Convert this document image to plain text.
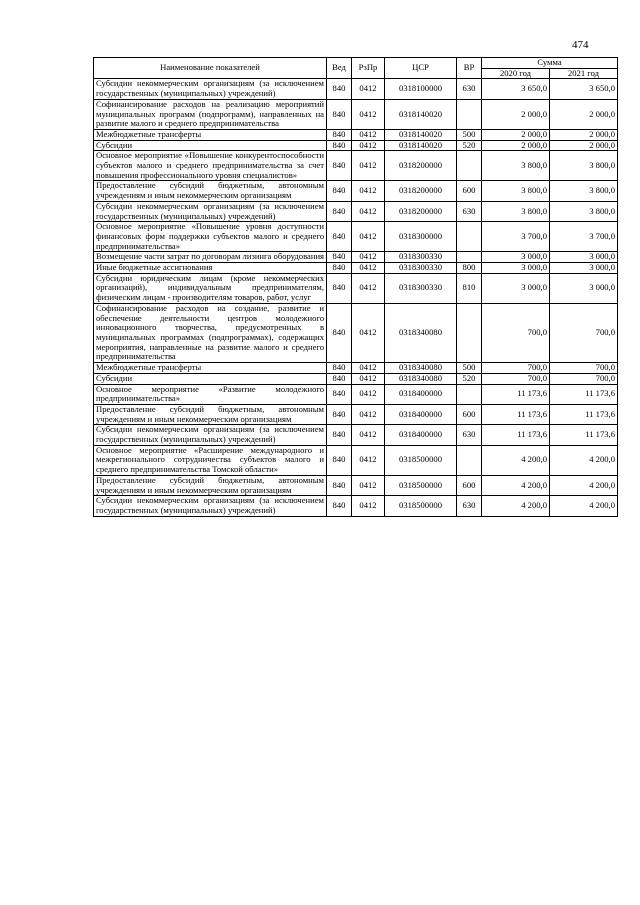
474
Наименование показателей	Вед	РзПр	ЦСР	ВР	Сумма	
					2020 год	2021 год
Субсидии некоммерческим организациям (за исключением государственных (муниципальных) учреждений)	840	0412	0318100000	630	3 650,0	3 650,0
Софинансирование расходов на реализацию мероприятий муниципальных программ (подпрограмм), направленных на развитие малого и среднего предпринимательства	840	0412	0318140020		2 000,0	2 000,0
Межбюджетные трансферты	840	0412	0318140020	500	2 000,0	2 000,0
Субсидии	840	0412	0318140020	520	2 000,0	2 000,0
Основное мероприятие «Повышение конкурентоспособности субъектов малого и среднего предпринимательства за счет повышения профессионального уровня специалистов»	840	0412	0318200000		3 800,0	3 800,0
Предоставление субсидий бюджетным, автономным учреждениям и иным некоммерческим организациям	840	0412	0318200000	600	3 800,0	3 800,0
Субсидии некоммерческим организациям (за исключением государственных (муниципальных) учреждений)	840	0412	0318200000	630	3 800,0	3 800,0
Основное мероприятие «Повышение уровня доступности финансовых форм поддержки субъектов малого и среднего предпринимательства»	840	0412	0318300000		3 700,0	3 700,0
Возмещение части затрат по договорам лизинга оборудования	840	0412	0318300330		3 000,0	3 000,0
Иные бюджетные ассигнования	840	0412	0318300330	800	3 000,0	3 000,0
Субсидии юридическим лицам (кроме некоммерческих организаций), индивидуальным предпринимателям, физическим лицам - производителям товаров, работ, услуг	840	0412	0318300330	810	3 000,0	3 000,0
Софинансирование расходов на создание, развитие и обеспечение деятельности центров молодежного инновационного творчества, предусмотренных в муниципальных программах (подпрограммах), содержащих мероприятия, направленные на развитие малого и среднего предпринимательства	840	0412	0318340080		700,0	700,0
Межбюджетные трансферты	840	0412	0318340080	500	700,0	700,0
Субсидии	840	0412	0318340080	520	700,0	700,0
Основное мероприятие «Развитие молодежного предпринимательства»	840	0412	0318400000		11 173,6	11 173,6
Предоставление субсидий бюджетным, автономным учреждениям и иным некоммерческим организациям	840	0412	0318400000	600	11 173,6	11 173,6
Субсидии некоммерческим организациям (за исключением государственных (муниципальных) учреждений)	840	0412	0318400000	630	11 173,6	11 173,6
Основное мероприятие «Расширение международного и межрегионального сотрудничества субъектов малого и среднего предпринимательства Томской области»	840	0412	0318500000		4 200,0	4 200,0
Предоставление субсидий бюджетным, автономным учреждениям и иным некоммерческим организациям	840	0412	0318500000	600	4 200,0	4 200,0
Субсидии некоммерческим организациям (за исключением государственных (муниципальных) учреждений)	840	0412	0318500000	630	4 200,0	4 200,0
